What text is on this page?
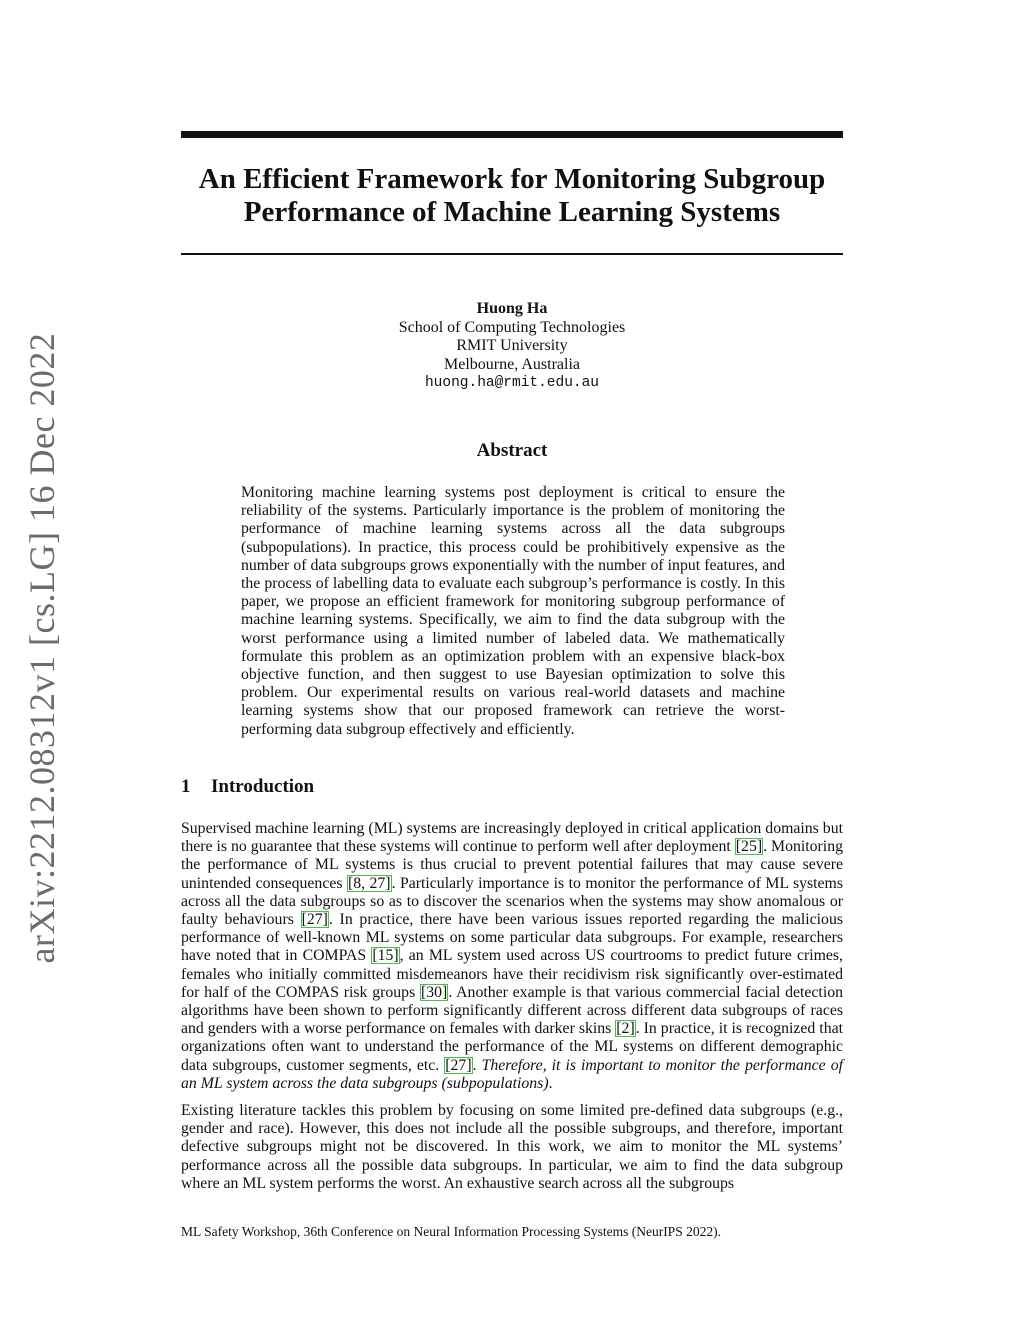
arXiv:2212.08312v1 [cs.LG] 16 Dec 2022
An Efficient Framework for Monitoring Subgroup
Performance of Machine Learning Systems
Huong Ha
School of Computing Technologies
RMIT University
Melbourne, Australia
huong.ha@rmit.edu.au
Abstract
Monitoring machine learning systems post deployment is critical to ensure the reliability of the systems. Particularly importance is the problem of monitoring the performance of machine learning systems across all the data subgroups (subpopulations). In practice, this process could be prohibitively expensive as the number of data subgroups grows exponentially with the number of input features, and the process of labelling data to evaluate each subgroup’s performance is costly. In this paper, we propose an efficient framework for monitoring subgroup performance of machine learning systems. Specifically, we aim to find the data subgroup with the worst performance using a limited number of labeled data. We mathematically formulate this problem as an optimization problem with an expensive black-box objective function, and then suggest to use Bayesian optimization to solve this problem. Our experimental results on various real-world datasets and machine learning systems show that our proposed framework can retrieve the worst-performing data subgroup effectively and efficiently.
1 Introduction
Supervised machine learning (ML) systems are increasingly deployed in critical application domains but there is no guarantee that these systems will continue to perform well after deployment [25]. Monitoring the performance of ML systems is thus crucial to prevent potential failures that may cause severe unintended consequences [8, 27]. Particularly importance is to monitor the performance of ML systems across all the data subgroups so as to discover the scenarios when the systems may show anomalous or faulty behaviours [27]. In practice, there have been various issues reported regarding the malicious performance of well-known ML systems on some particular data subgroups. For example, researchers have noted that in COMPAS [15], an ML system used across US courtrooms to predict future crimes, females who initially committed misdemeanors have their recidivism risk significantly over-estimated for half of the COMPAS risk groups [30]. Another example is that various commercial facial detection algorithms have been shown to perform significantly different across different data subgroups of races and genders with a worse performance on females with darker skins [2]. In practice, it is recognized that organizations often want to understand the performance of the ML systems on different demographic data subgroups, customer segments, etc. [27]. Therefore, it is important to monitor the performance of an ML system across the data subgroups (subpopulations).
Existing literature tackles this problem by focusing on some limited pre-defined data subgroups (e.g., gender and race). However, this does not include all the possible subgroups, and therefore, important defective subgroups might not be discovered. In this work, we aim to monitor the ML systems’ performance across all the possible data subgroups. In particular, we aim to find the data subgroup where an ML system performs the worst. An exhaustive search across all the subgroups
ML Safety Workshop, 36th Conference on Neural Information Processing Systems (NeurIPS 2022).
